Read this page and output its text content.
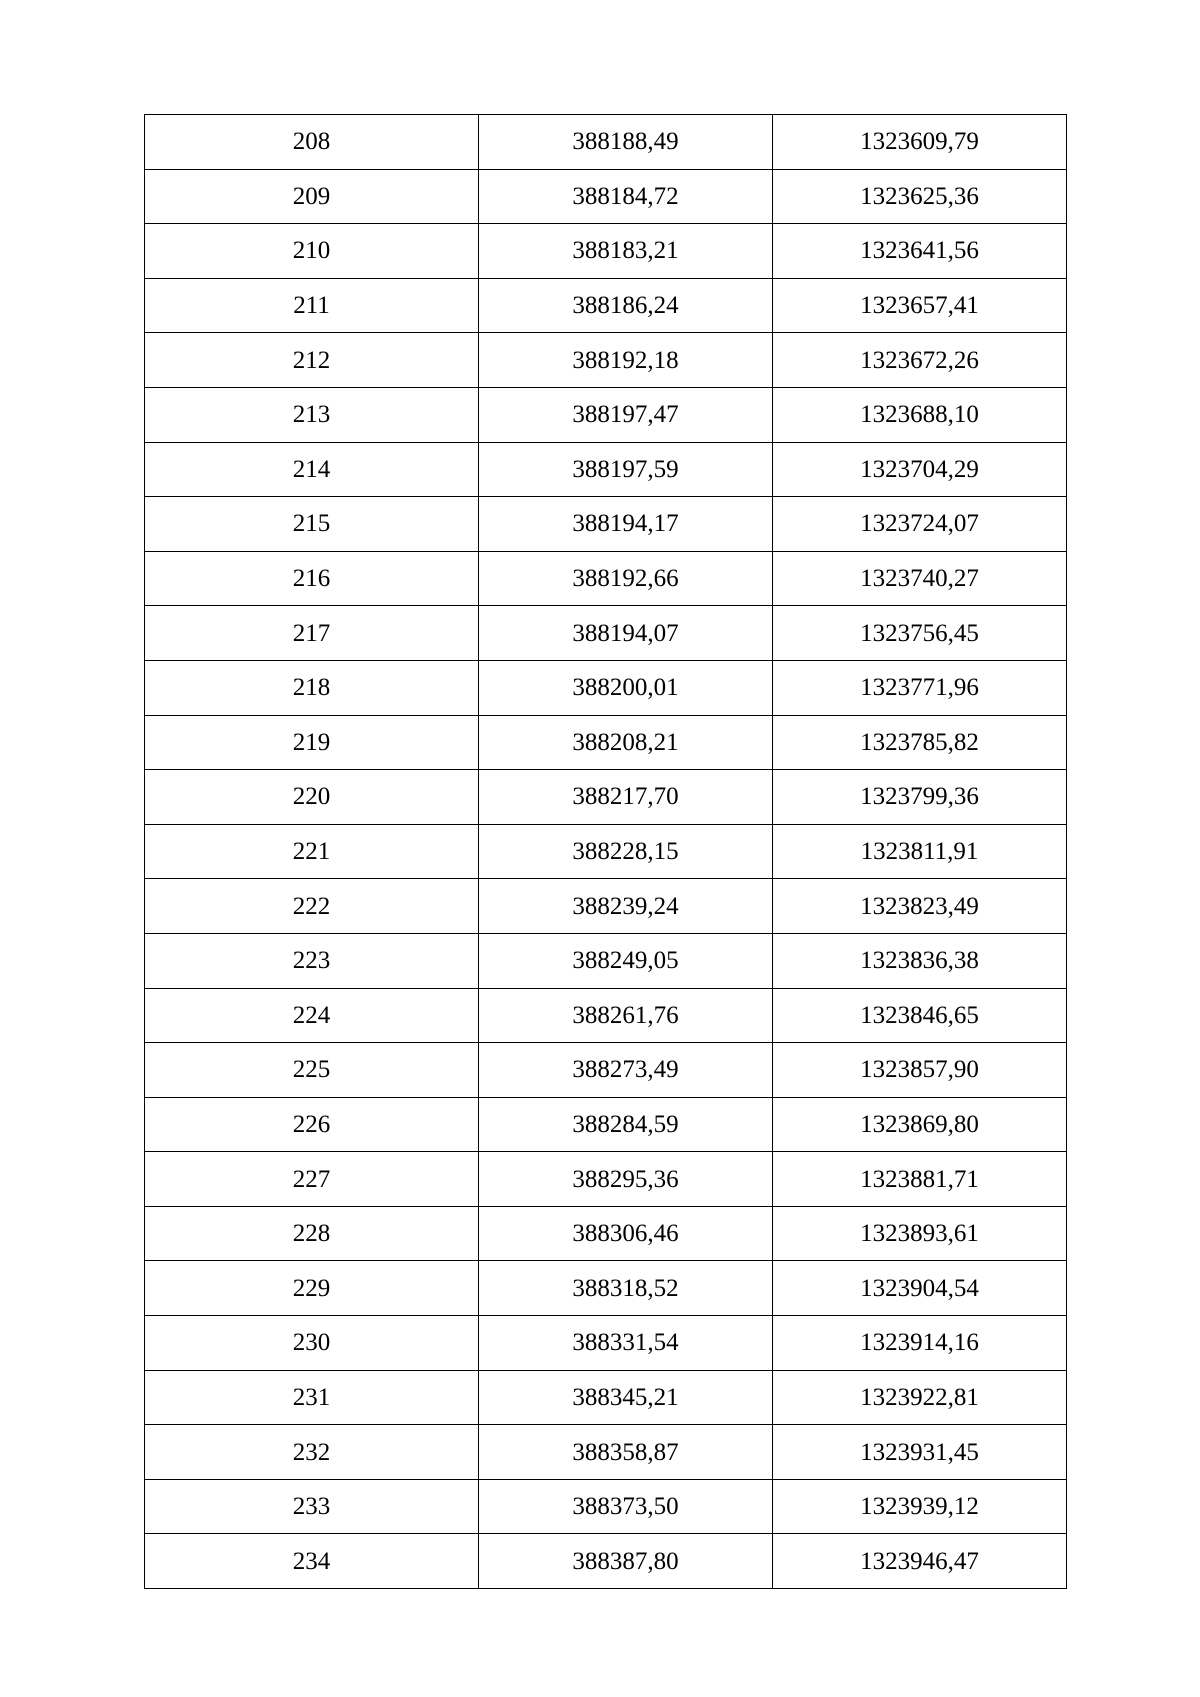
208	388188,49	1323609,79
209	388184,72	1323625,36
210	388183,21	1323641,56
211	388186,24	1323657,41
212	388192,18	1323672,26
213	388197,47	1323688,10
214	388197,59	1323704,29
215	388194,17	1323724,07
216	388192,66	1323740,27
217	388194,07	1323756,45
218	388200,01	1323771,96
219	388208,21	1323785,82
220	388217,70	1323799,36
221	388228,15	1323811,91
222	388239,24	1323823,49
223	388249,05	1323836,38
224	388261,76	1323846,65
225	388273,49	1323857,90
226	388284,59	1323869,80
227	388295,36	1323881,71
228	388306,46	1323893,61
229	388318,52	1323904,54
230	388331,54	1323914,16
231	388345,21	1323922,81
232	388358,87	1323931,45
233	388373,50	1323939,12
234	388387,80	1323946,47
